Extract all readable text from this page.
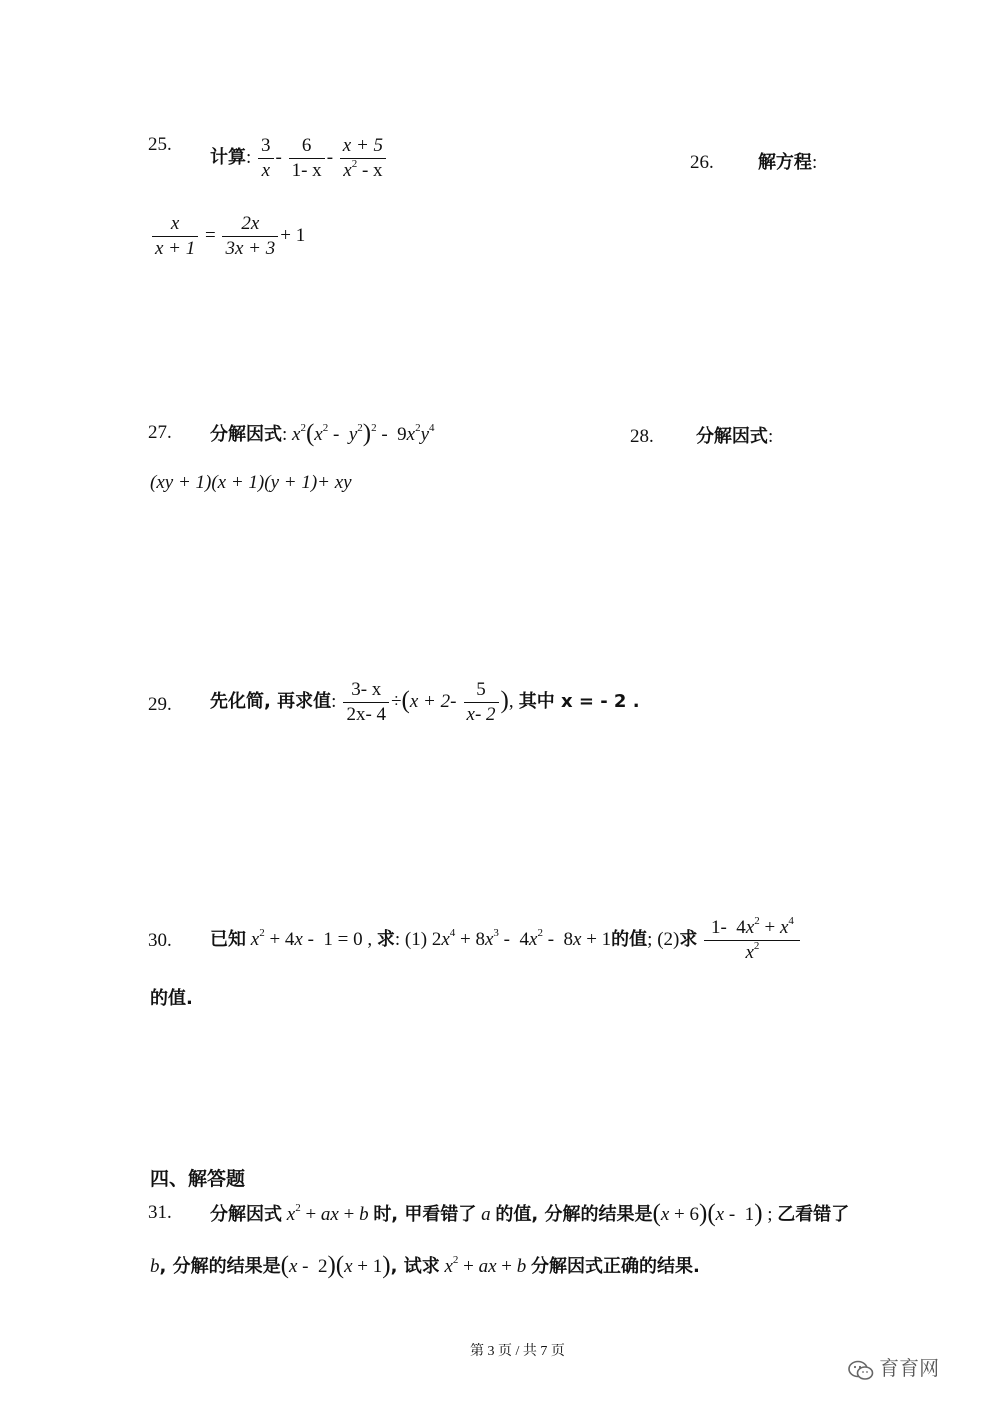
25.
计算: $\frac{3}{x} - \frac{6}{1- x} - \frac{x + 5}{x^2 - x}$	26. 解方程:
$\frac{x}{x + 1} = \frac{2x}{3x + 3} + 1$
27. 分解因式: $x^2(x^2 - y^2)^2 - 9x^2y^4$	28. 分解因式:
(xy + 1)(x + 1)(y + 1)+ xy
29. 先化简, 再求值: $\frac{3- x}{2x- 4} \div(x + 2- \frac{5}{x- 2}$ ), 其中 x = - 2 .
30. 已知 $x^2 + 4x - 1 = 0$ , 求: (1) $2x^4 + 8x^3 - 4x^2 - 8x + 1$的值; (2)求 $\frac{1- 4x^2 + x^4}{x^2}$
的值.
四、解答题
31. 分解因式 $x^2$ + ax + b 时, 甲看错了 a 的值, 分解的结果是(x + 6)(x -  1) ; 乙看错了
b, 分解的结果是(x -  2)(x + 1), 试求 $x^2$ + ax + b 分解因式正确的结果.
第 3 页 / 共 7 页
育育网
